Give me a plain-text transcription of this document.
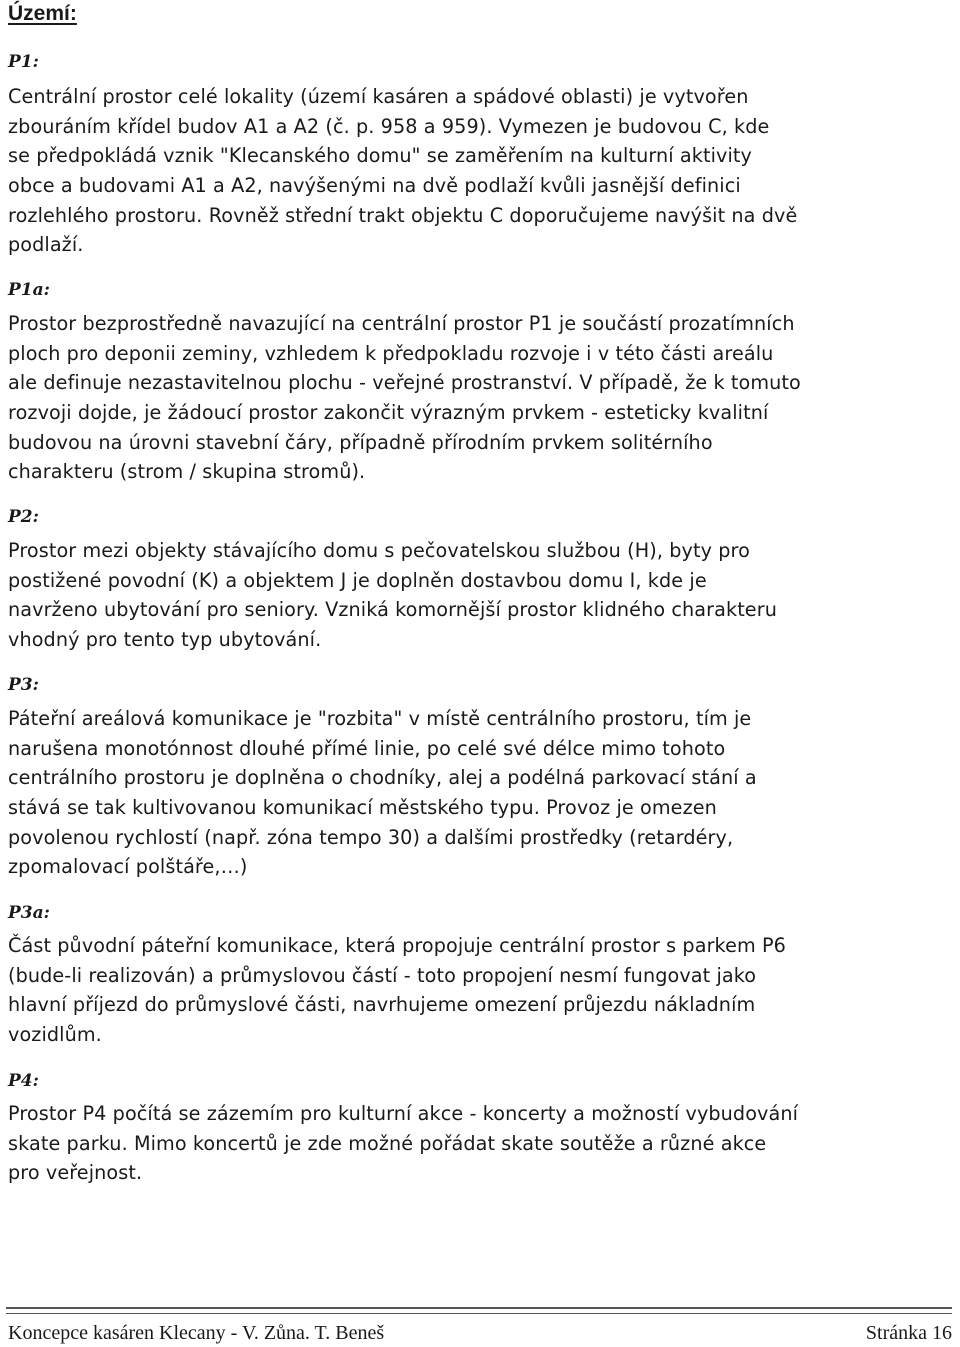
Území:
P1:
Centrální prostor celé lokality (území kasáren a spádové oblasti) je vytvořen
zbouráním křídel budov A1 a A2 (č. p. 958 a 959). Vymezen je budovou C, kde
se předpokládá vznik "Klecanského domu" se zaměřením na kulturní aktivity
obce a budovami A1 a A2, navýšenými na dvě podlaží kvůli jasnější definici
rozlehlého prostoru. Rovněž střední trakt objektu C doporučujeme navýšit na dvě
podlaží.
P1a:
Prostor bezprostředně navazující na centrální prostor P1 je součástí prozatímních
ploch pro deponii zeminy, vzhledem k předpokladu rozvoje i v této části areálu
ale definuje nezastavitelnou plochu - veřejné prostranství. V případě, že k tomuto
rozvoji dojde, je žádoucí prostor zakončit výrazným prvkem - esteticky kvalitní
budovou na úrovni stavební čáry, případně přírodním prvkem solitérního
charakteru (strom / skupina stromů).
P2:
Prostor mezi objekty stávajícího domu s pečovatelskou službou (H), byty pro
postižené povodní (K) a objektem J je doplněn dostavbou domu I, kde je
navrženo ubytování pro seniory. Vzniká komornější prostor klidného charakteru
vhodný pro tento typ ubytování.
P3:
Páteřní areálová komunikace je "rozbita" v místě centrálního prostoru, tím je
narušena monotónnost dlouhé přímé linie, po celé své délce mimo tohoto
centrálního prostoru je doplněna o chodníky, alej a podélná parkovací stání a
stává se tak kultivovanou komunikací městského typu. Provoz je omezen
povolenou rychlostí (např. zóna tempo 30) a dalšími prostředky (retardéry,
zpomalovací polštáře,…)
P3a:
Část původní páteřní komunikace, která propojuje centrální prostor s parkem P6
(bude-li realizován) a průmyslovou částí - toto propojení nesmí fungovat jako
hlavní příjezd do průmyslové části, navrhujeme omezení průjezdu nákladním
vozidlům.
P4:
Prostor P4 počítá se zázemím pro kulturní akce - koncerty a možností vybudování
skate parku. Mimo koncertů je zde možné pořádat skate soutěže a různé akce
pro veřejnost.
Koncepce kasáren Klecany - V. Zůna. T. Beneš	Stránka 16
